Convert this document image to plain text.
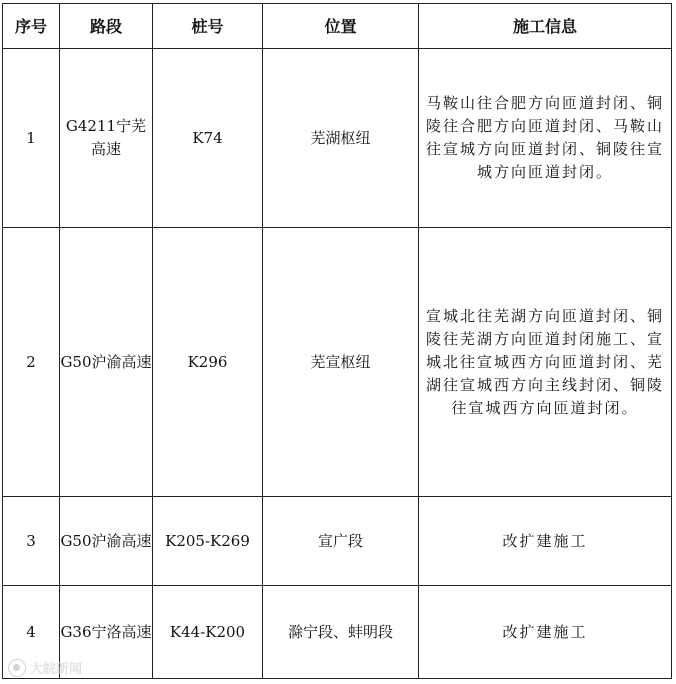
序号	路段	桩号	位置	施工信息
1	G4211宁芜高速	K74	芜湖枢纽	马鞍山往合肥方向匝道封闭、铜陵往合肥方向匝道封闭、马鞍山往宣城方向匝道封闭、铜陵往宣城方向匝道封闭。
2	G50沪渝高速	K296	芜宣枢纽	宣城北往芜湖方向匝道封闭、铜陵往芜湖方向匝道封闭施工、宣城北往宣城西方向匝道封闭、芜湖往宣城西方向主线封闭、铜陵往宣城西方向匝道封闭。
3	G50沪渝高速	K205-K269	宣广段	改扩建施工
4	G36宁洛高速	K44-K200	滁宁段、蚌明段	改扩建施工
大皖新闻
